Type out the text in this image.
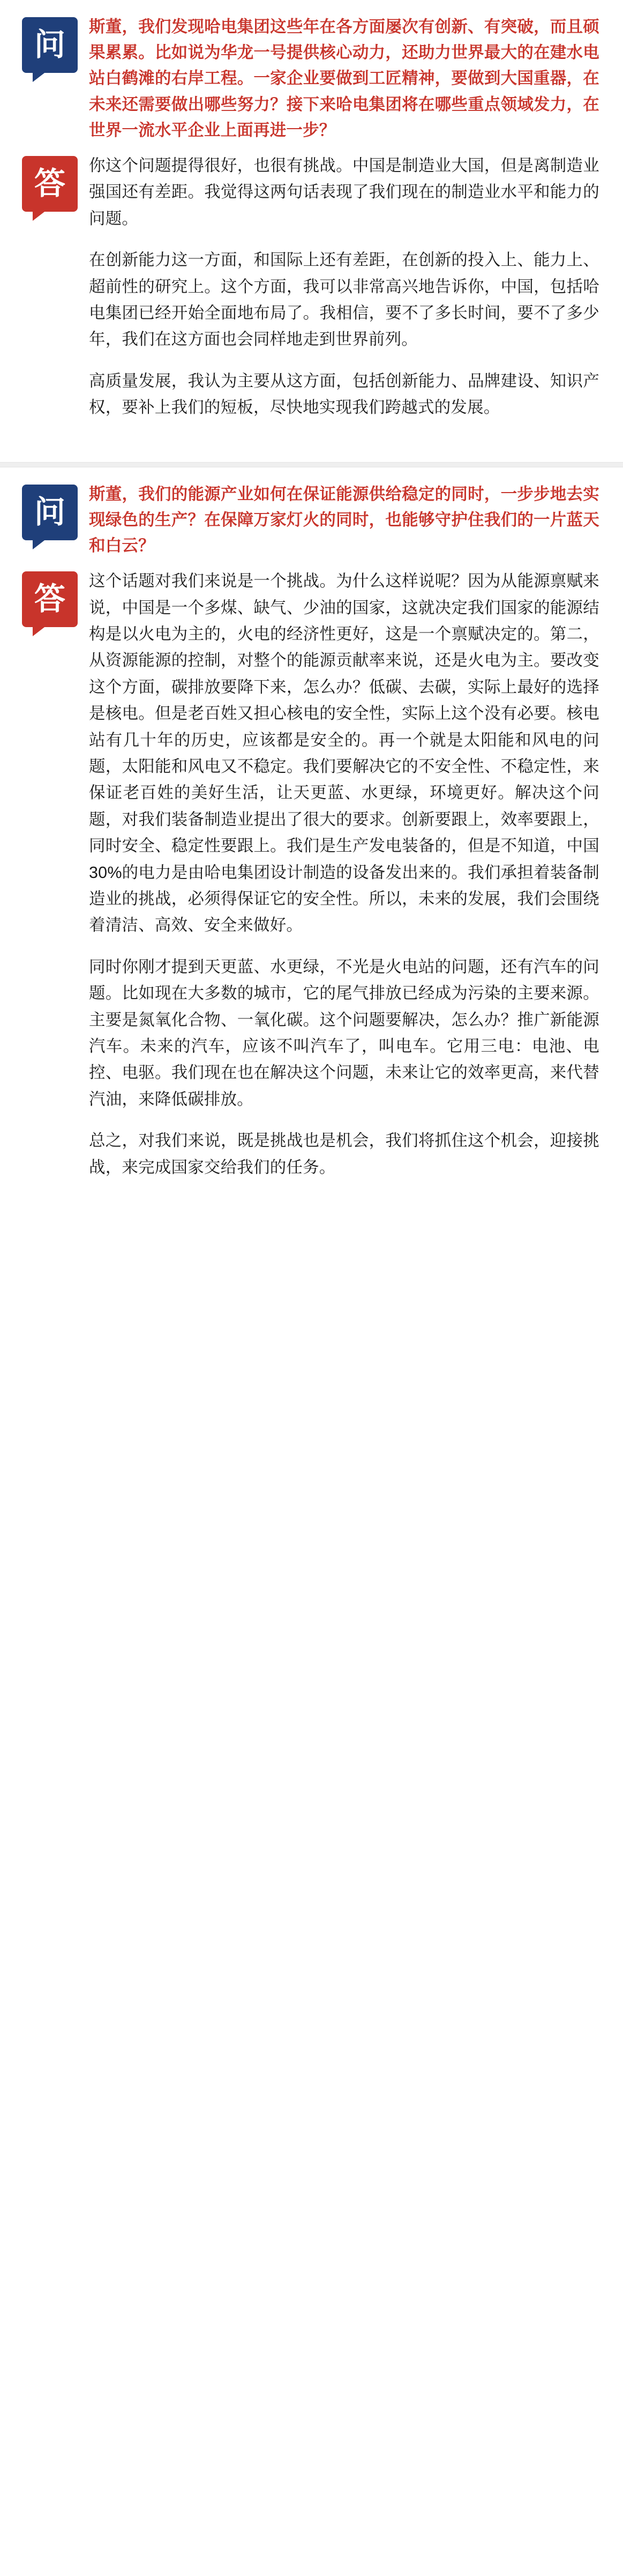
问

斯董，我们发现哈电集团这些年在各方面屡次有创新、有突破，而且硕果累累。比如说为华龙一号提供核心动力，还助力世界最大的在建水电站白鹤滩的右岸工程。一家企业要做到工匠精神，要做到大国重器，在未来还需要做出哪些努力？接下来哈电集团将在哪些重点领域发力，在世界一流水平企业上面再进一步？

答

你这个问题提得很好，也很有挑战。中国是制造业大国，但是离制造业强国还有差距。我觉得这两句话表现了我们现在的制造业水平和能力的问题。

在创新能力这一方面，和国际上还有差距，在创新的投入上、能力上、超前性的研究上。这个方面，我可以非常高兴地告诉你，中国，包括哈电集团已经开始全面地布局了。我相信，要不了多长时间，要不了多少年，我们在这方面也会同样地走到世界前列。

高质量发展，我认为主要从这方面，包括创新能力、品牌建设、知识产权，要补上我们的短板，尽快地实现我们跨越式的发展。

问

斯董，我们的能源产业如何在保证能源供给稳定的同时，一步步地去实现绿色的生产？在保障万家灯火的同时，也能够守护住我们的一片蓝天和白云？

答

这个话题对我们来说是一个挑战。为什么这样说呢？因为从能源禀赋来说，中国是一个多煤、缺气、少油的国家，这就决定我们国家的能源结构是以火电为主的，火电的经济性更好，这是一个禀赋决定的。第二，从资源能源的控制，对整个的能源贡献率来说，还是火电为主。要改变这个方面，碳排放要降下来，怎么办？低碳、去碳，实际上最好的选择是核电。但是老百姓又担心核电的安全性，实际上这个没有必要。核电站有几十年的历史，应该都是安全的。再一个就是太阳能和风电的问题，太阳能和风电又不稳定。我们要解决它的不安全性、不稳定性，来保证老百姓的美好生活，让天更蓝、水更绿，环境更好。解决这个问题，对我们装备制造业提出了很大的要求。创新要跟上，效率要跟上，同时安全、稳定性要跟上。我们是生产发电装备的，但是不知道，中国30%的电力是由哈电集团设计制造的设备发出来的。我们承担着装备制造业的挑战，必须得保证它的安全性。所以，未来的发展，我们会围绕着清洁、高效、安全来做好。

同时你刚才提到天更蓝、水更绿，不光是火电站的问题，还有汽车的问题。比如现在大多数的城市，它的尾气排放已经成为污染的主要来源。主要是氮氧化合物、一氧化碳。这个问题要解决，怎么办？推广新能源汽车。未来的汽车，应该不叫汽车了，叫电车。它用三电：电池、电控、电驱。我们现在也在解决这个问题，未来让它的效率更高，来代替汽油，来降低碳排放。

总之，对我们来说，既是挑战也是机会，我们将抓住这个机会，迎接挑战，来完成国家交给我们的任务。
